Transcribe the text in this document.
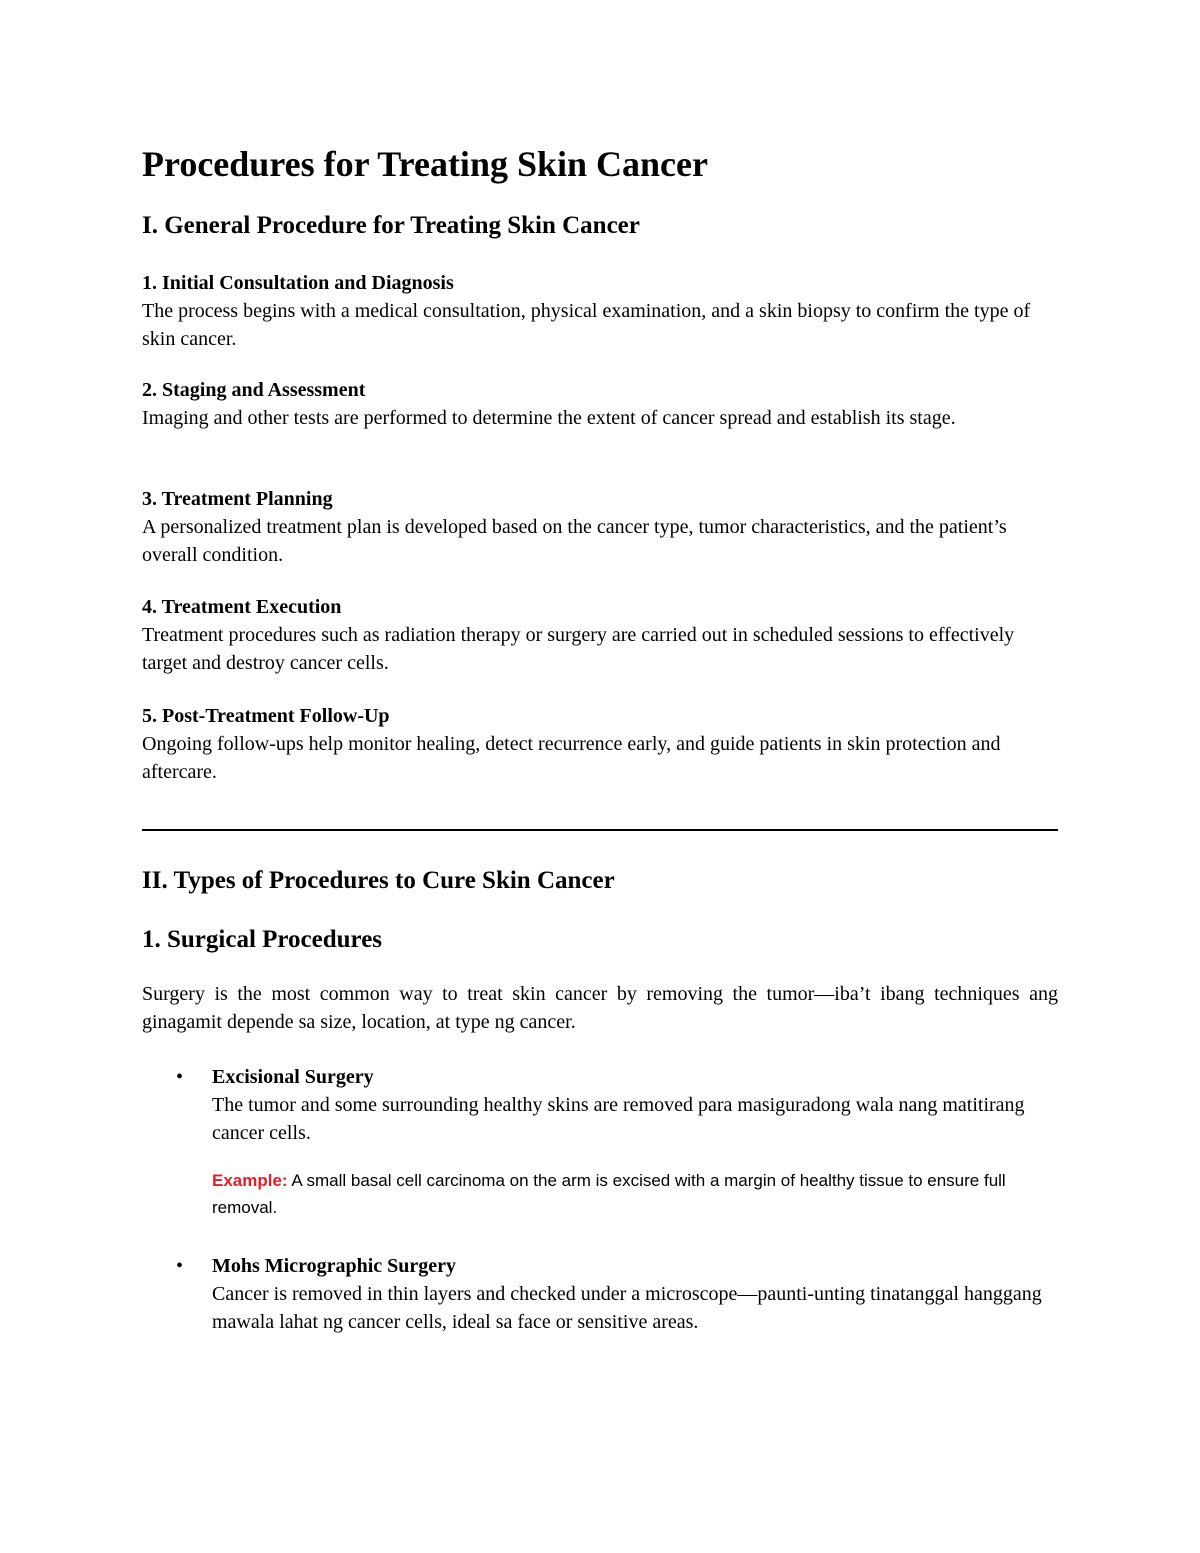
Procedures for Treating Skin Cancer
I. General Procedure for Treating Skin Cancer

1. Initial Consultation and Diagnosis

The process begins with a medical consultation, physical examination, and a skin biopsy to confirm the type of skin cancer.

2. Staging and Assessment

Imaging and other tests are performed to determine the extent of cancer spread and establish its stage.

3. Treatment Planning

A personalized treatment plan is developed based on the cancer type, tumor characteristics, and the patient’s overall condition.

4. Treatment Execution

Treatment procedures such as radiation therapy or surgery are carried out in scheduled sessions to effectively target and destroy cancer cells.

5. Post-Treatment Follow-Up

Ongoing follow-ups help monitor healing, detect recurrence early, and guide patients in skin protection and aftercare.

II. Types of Procedures to Cure Skin Cancer
1. Surgical Procedures

Surgery is the most common way to treat skin cancer by removing the tumor—iba’t ibang techniques ang ginagamit depende sa size, location, at type ng cancer.

• Excisional Surgery

The tumor and some surrounding healthy skins are removed para masiguradong wala nang matitirang cancer cells.

Example: A small basal cell carcinoma on the arm is excised with a margin of healthy tissue to ensure full removal.

• Mohs Micrographic Surgery

Cancer is removed in thin layers and checked under a microscope—paunti-unting tinatanggal hanggang mawala lahat ng cancer cells, ideal sa face or sensitive areas.
